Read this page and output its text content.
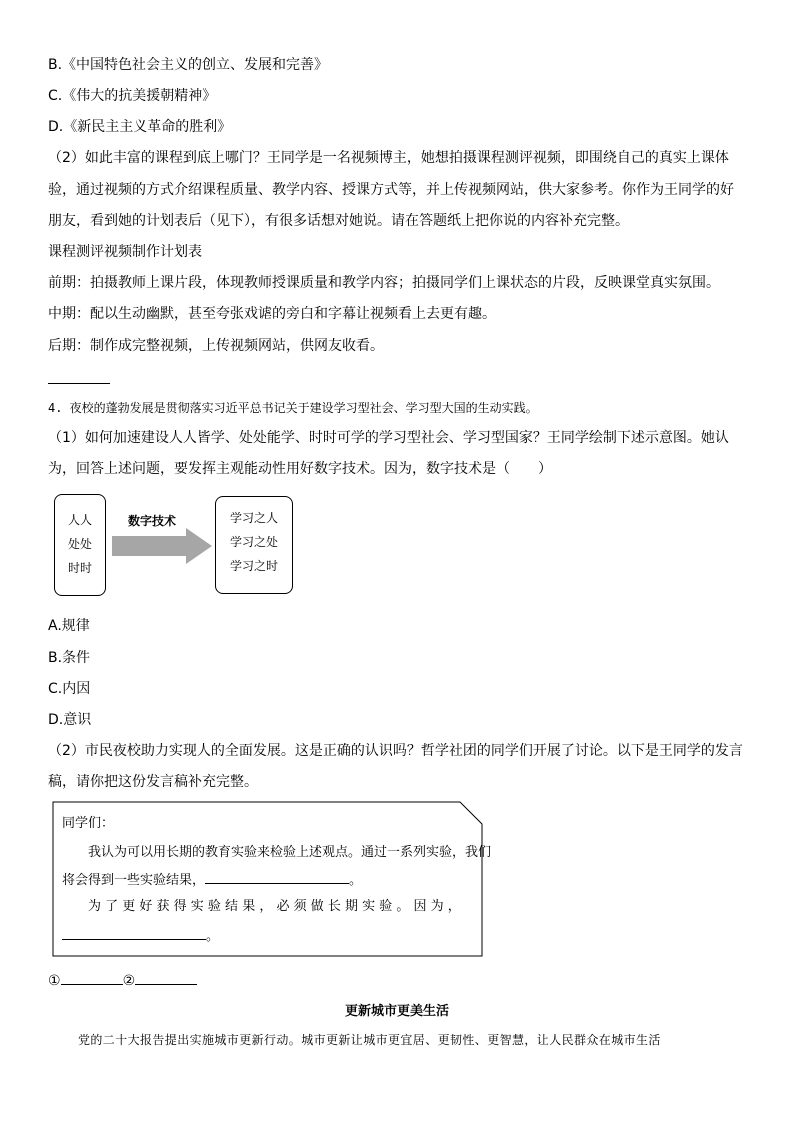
B.《中国特色社会主义的创立、发展和完善》
C.《伟大的抗美援朝精神》
D.《新民主主义革命的胜利》
（2）如此丰富的课程到底上哪门？王同学是一名视频博主，她想拍摄课程测评视频，即围绕自己的真实上课体
验，通过视频的方式介绍课程质量、教学内容、授课方式等，并上传视频网站，供大家参考。你作为王同学的好
朋友，看到她的计划表后（见下），有很多话想对她说。请在答题纸上把你说的内容补充完整。
课程测评视频制作计划表
前期：拍摄教师上课片段，体现教师授课质量和教学内容；拍摄同学们上课状态的片段，反映课堂真实氛围。
中期：配以生动幽默，甚至夸张戏谑的旁白和字幕让视频看上去更有趣。
后期：制作成完整视频，上传视频网站，供网友收看。
4. 夜校的蓬勃发展是贯彻落实习近平总书记关于建设学习型社会、学习型大国的生动实践。
（1）如何加速建设人人皆学、处处能学、时时可学的学习型社会、学习型国家？王同学绘制下述示意图。她认
为，回答上述问题，要发挥主观能动性用好数字技术。因为，数字技术是（　　）
人人
处处
时时
数字技术	学习之人
学习之处
学习之时
A.规律
B.条件
C.内因
D.意识
（2）市民夜校助力实现人的全面发展。这是正确的认识吗？哲学社团的同学们开展了讨论。以下是王同学的发言
稿，请你把这份发言稿补充完整。
同学们：
我认为可以用长期的教育实验来检验上述观点。通过一系列实验，我们
将会得到一些实验结果，	。
为 了 更 好 获 得 实 验 结 果 ， 必 须 做 长 期 实 验 。 因 为 ，
。
①	②
更新城市更美生活
党的二十大报告提出实施城市更新行动。城市更新让城市更宜居、更韧性、更智慧，让人民群众在城市生活
